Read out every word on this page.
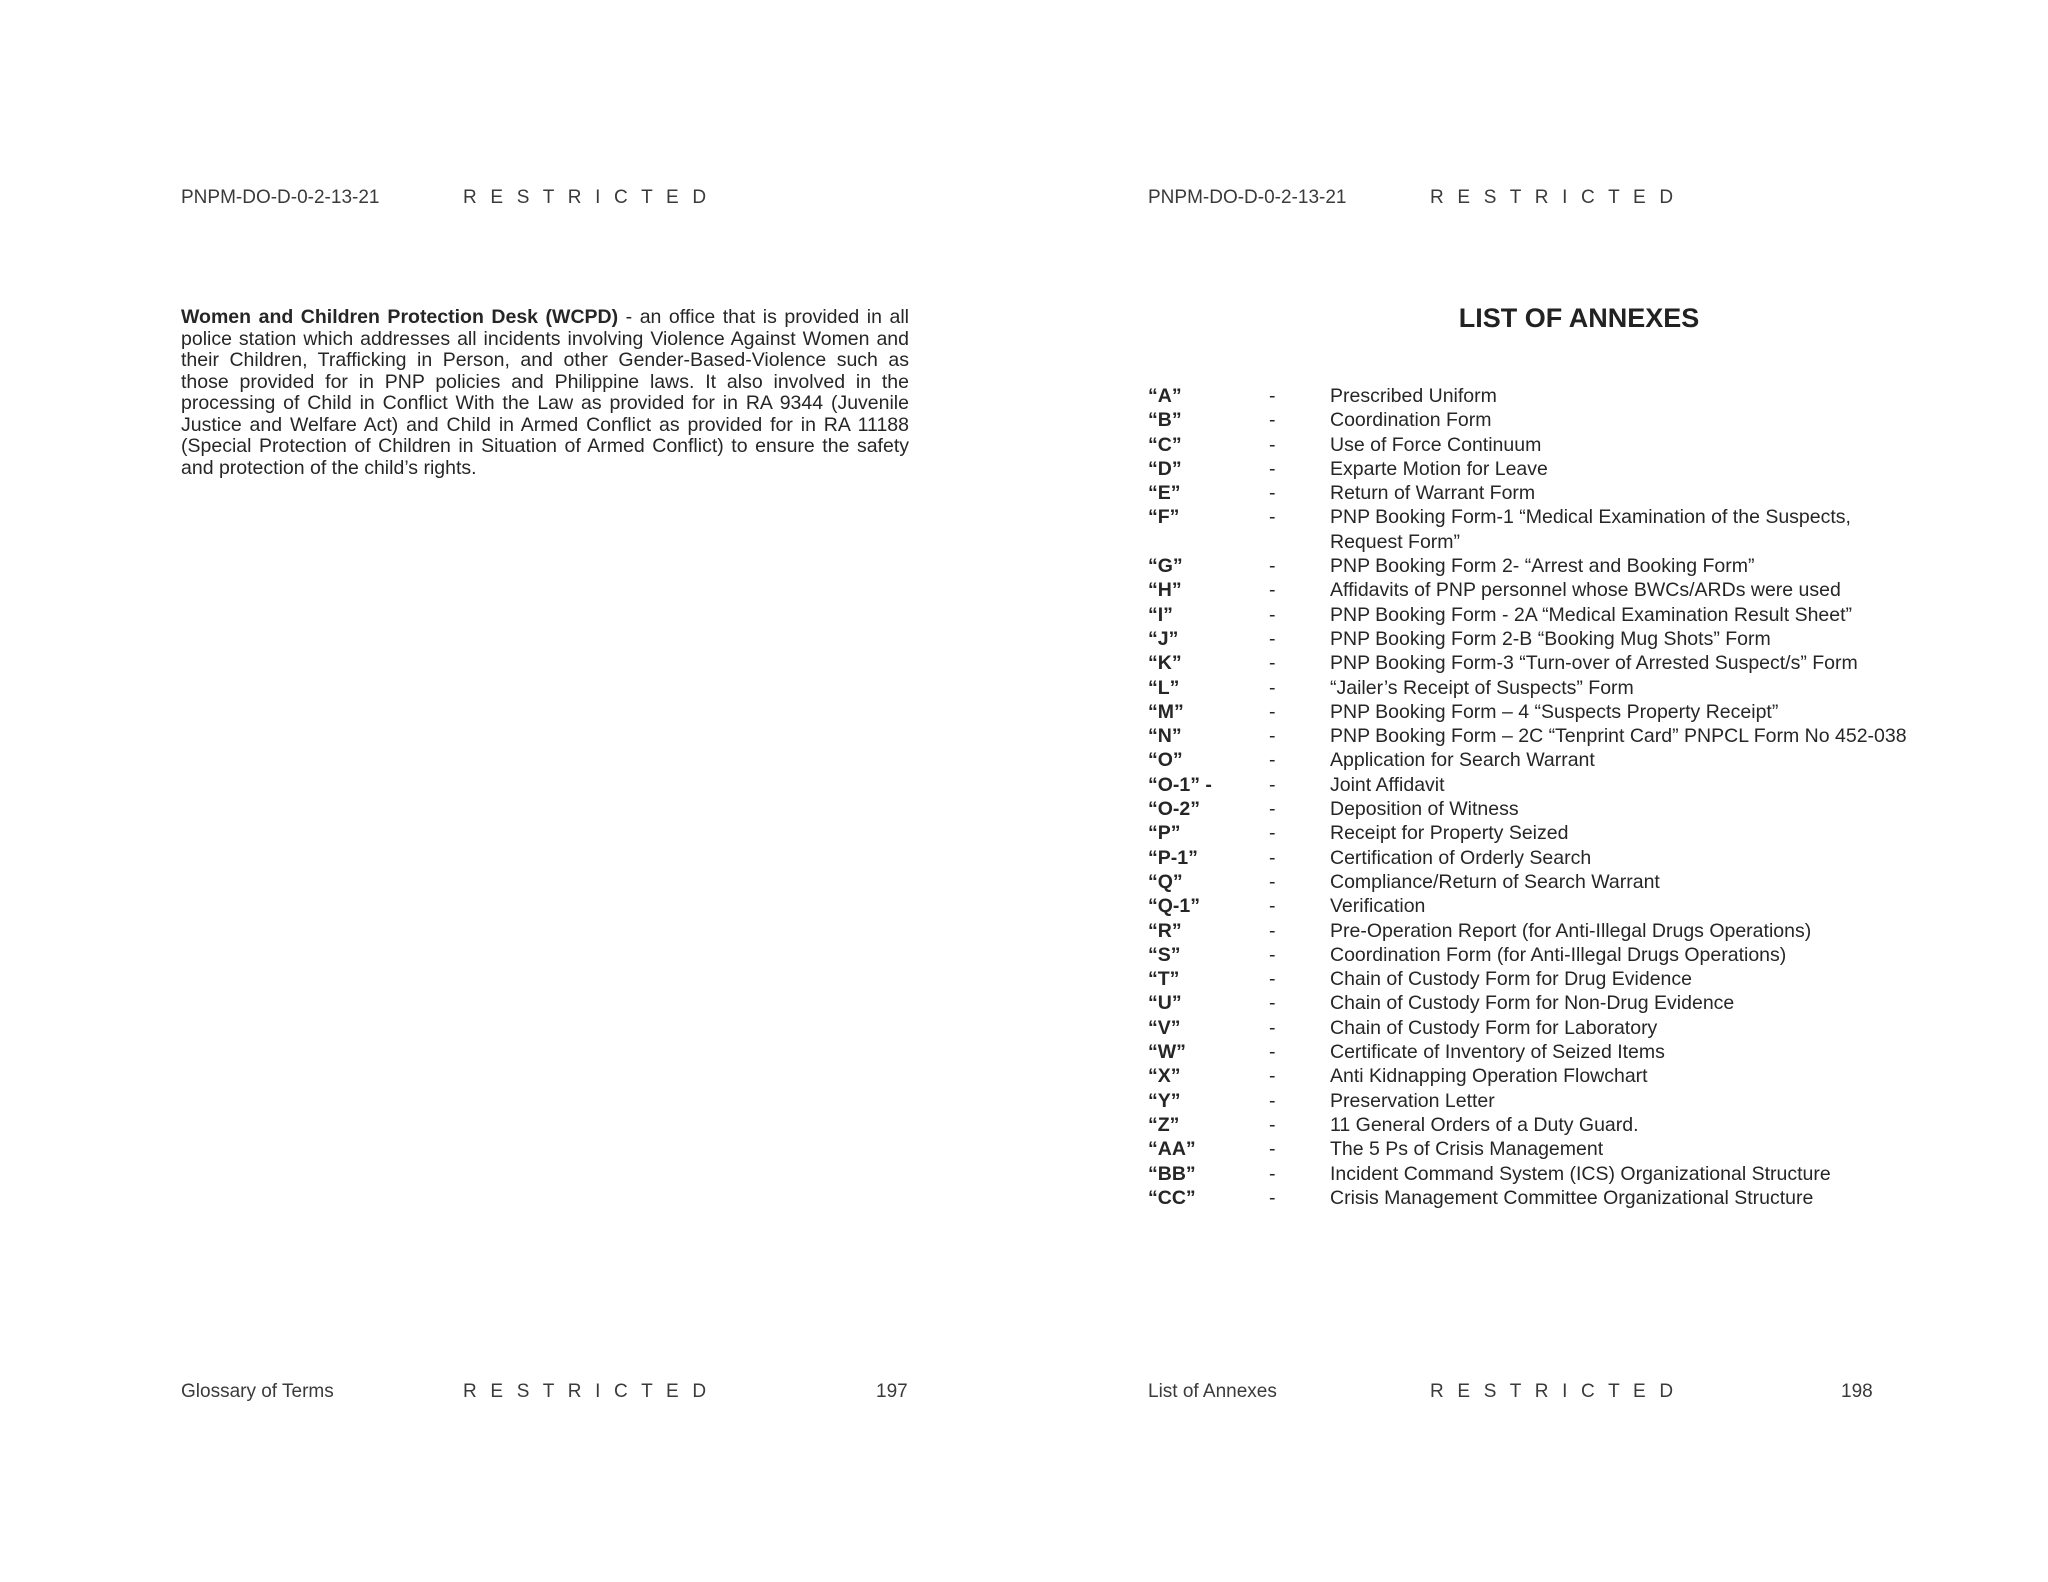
PNPM-DO-D-0-2-13-21	R E S T R I C T E D

Women and Children Protection Desk (WCPD) - an office that is provided in all police station which addresses all incidents involving Violence Against Women and their Children, Trafficking in Person, and other Gender-Based-Violence such as those provided for in PNP policies and Philippine laws. It also involved in the processing of Child in Conflict With the Law as provided for in RA 9344 (Juvenile Justice and Welfare Act) and Child in Armed Conflict as provided for in RA 11188 (Special Protection of Children in Situation of Armed Conflict) to ensure the safety and protection of the child’s rights.

Glossary of Terms	R E S T R I C T E D	197
PNPM-DO-D-0-2-13-21	R E S T R I C T E D
LIST OF ANNEXES
“A”	-	Prescribed Uniform
“B”	-	Coordination Form
“C”	-	Use of Force Continuum
“D”	-	Exparte Motion for Leave
“E”	-	Return of Warrant Form
“F”	-	PNP Booking Form-1 “Medical Examination of the Suspects, Request Form”
“G”	-	PNP Booking Form 2- “Arrest and Booking Form”
“H”	-	Affidavits of PNP personnel whose BWCs/ARDs were used
“I”	-	PNP Booking Form - 2A “Medical Examination Result Sheet”
“J”	-	PNP Booking Form 2-B “Booking Mug Shots” Form
“K”	-	PNP Booking Form-3 “Turn-over of Arrested Suspect/s” Form
“L”	-	“Jailer’s Receipt of Suspects” Form
“M”	-	PNP Booking Form – 4 “Suspects Property Receipt”
“N”	-	PNP Booking Form – 2C “Tenprint Card” PNPCL Form No 452-038
“O”	-	Application for Search Warrant
“O-1” -	-	Joint Affidavit
“O-2”	-	Deposition of Witness
“P”	-	Receipt for Property Seized
“P-1”	-	Certification of Orderly Search
“Q”	-	Compliance/Return of Search Warrant
“Q-1”	-	Verification
“R”	-	Pre-Operation Report (for Anti-Illegal Drugs Operations)
“S”	-	Coordination Form (for Anti-Illegal Drugs Operations)
“T”	-	Chain of Custody Form for Drug Evidence
“U”	-	Chain of Custody Form for Non-Drug Evidence
“V”	-	Chain of Custody Form for Laboratory
“W”	-	Certificate of Inventory of Seized Items
“X”	-	Anti Kidnapping Operation Flowchart
“Y”	-	Preservation Letter
“Z”	-	11 General Orders of a Duty Guard.
“AA”	-	The 5 Ps of Crisis Management
“BB”	-	Incident Command System (ICS) Organizational Structure
“CC”	-	Crisis Management Committee Organizational Structure
List of Annexes	R E S T R I C T E D	198
